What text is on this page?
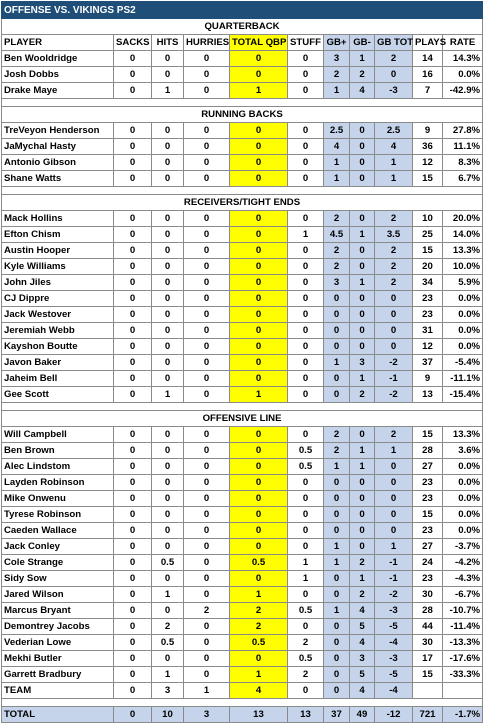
OFFENSE VS. VIKINGS PS2										
QUARTERBACK										
PLAYER	SACKS	HITS	HURRIES	TOTAL QBP	STUFF	GB+	GB-	GB TOT	PLAYS	RATE
Ben Wooldridge	0	0	0	0	0	3	1	2	14	14.3%
Josh Dobbs	0	0	0	0	0	2	2	0	16	0.0%
Drake Maye	0	1	0	1	0	1	4	-3	7	-42.9%

RUNNING BACKS										
TreVeyon Henderson	0	0	0	0	0	2.5	0	2.5	9	27.8%
JaMychal Hasty	0	0	0	0	0	4	0	4	36	11.1%
Antonio Gibson	0	0	0	0	0	1	0	1	12	8.3%
Shane Watts	0	0	0	0	0	1	0	1	15	6.7%

RECEIVERS/TIGHT ENDS										
Mack Hollins	0	0	0	0	0	2	0	2	10	20.0%
Efton Chism	0	0	0	0	1	4.5	1	3.5	25	14.0%
Austin Hooper	0	0	0	0	0	2	0	2	15	13.3%
Kyle Williams	0	0	0	0	0	2	0	2	20	10.0%
John Jiles	0	0	0	0	0	3	1	2	34	5.9%
CJ Dippre	0	0	0	0	0	0	0	0	23	0.0%
Jack Westover	0	0	0	0	0	0	0	0	23	0.0%
Jeremiah Webb	0	0	0	0	0	0	0	0	31	0.0%
Kayshon Boutte	0	0	0	0	0	0	0	0	12	0.0%
Javon Baker	0	0	0	0	0	1	3	-2	37	-5.4%
Jaheim Bell	0	0	0	0	0	0	1	-1	9	-11.1%
Gee Scott	0	1	0	1	0	0	2	-2	13	-15.4%

OFFENSIVE LINE										
Will Campbell	0	0	0	0	0	2	0	2	15	13.3%
Ben Brown	0	0	0	0	0.5	2	1	1	28	3.6%
Alec Lindstom	0	0	0	0	0.5	1	1	0	27	0.0%
Layden Robinson	0	0	0	0	0	0	0	0	23	0.0%
Mike Onwenu	0	0	0	0	0	0	0	0	23	0.0%
Tyrese Robinson	0	0	0	0	0	0	0	0	15	0.0%
Caeden Wallace	0	0	0	0	0	0	0	0	23	0.0%
Jack Conley	0	0	0	0	0	1	0	1	27	-3.7%
Cole Strange	0	0.5	0	0.5	1	1	2	-1	24	-4.2%
Sidy Sow	0	0	0	0	1	0	1	-1	23	-4.3%
Jared Wilson	0	1	0	1	0	0	2	-2	30	-6.7%
Marcus Bryant	0	0	2	2	0.5	1	4	-3	28	-10.7%
Demontrey Jacobs	0	2	0	2	0	0	5	-5	44	-11.4%
Vederian Lowe	0	0.5	0	0.5	2	0	4	-4	30	-13.3%
Mekhi Butler	0	0	0	0	0.5	0	3	-3	17	-17.6%
Garrett Bradbury	0	1	0	1	2	0	5	-5	15	-33.3%
TEAM	0	3	1	4	0	0	4	-4		

TOTAL	0	10	3	13	13	37	49	-12	721	-1.7%
